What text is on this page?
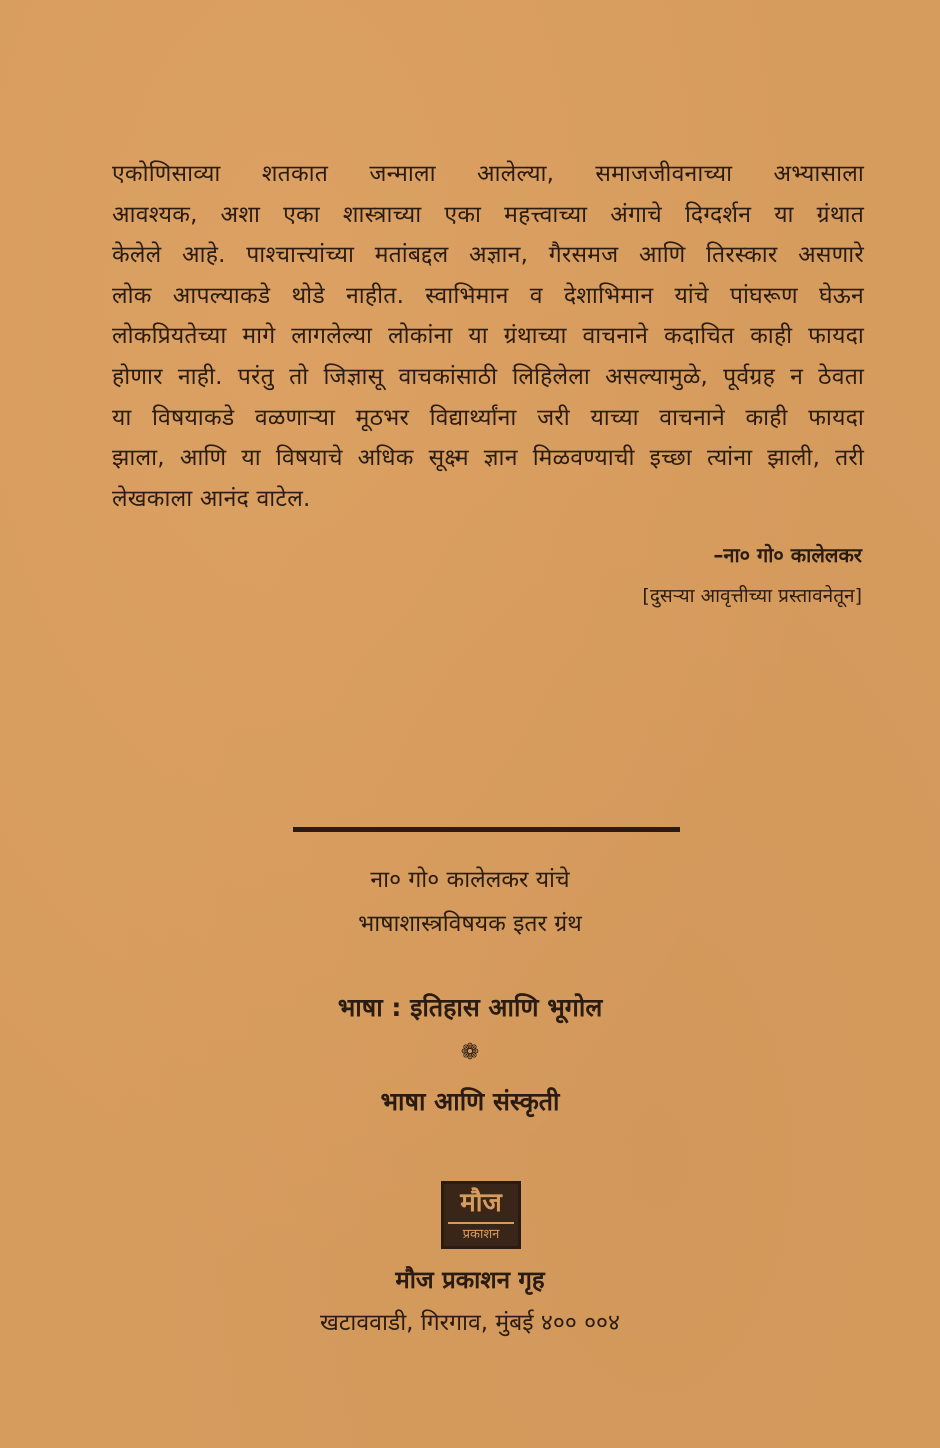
एकोणिसाव्या शतकात जन्माला आलेल्या, समाजजीवनाच्या अभ्यासाला
आवश्यक, अशा एका शास्त्राच्या एका महत्त्वाच्या अंगाचे दिग्दर्शन या ग्रंथात
केलेले आहे. पाश्चात्त्यांच्या मतांबद्दल अज्ञान, गैरसमज आणि तिरस्कार असणारे
लोक आपल्याकडे थोडे नाहीत. स्वाभिमान व देशाभिमान यांचे पांघरूण घेऊन
लोकप्रियतेच्या मागे लागलेल्या लोकांना या ग्रंथाच्या वाचनाने कदाचित काही फायदा
होणार नाही. परंतु तो जिज्ञासू वाचकांसाठी लिहिलेला असल्यामुळे, पूर्वग्रह न ठेवता
या विषयाकडे वळणाऱ्या मूठभर विद्यार्थ्यांना जरी याच्या वाचनाने काही फायदा
झाला, आणि या विषयाचे अधिक सूक्ष्म ज्ञान मिळवण्याची इच्छा त्यांना झाली, तरी
लेखकाला आनंद वाटेल.
–ना० गो० कालेलकर
[दुसऱ्या आवृत्तीच्या प्रस्तावनेतून]
ना० गो० कालेलकर यांचे
भाषाशास्त्रविषयक इतर ग्रंथ
भाषा : इतिहास आणि भूगोल
❁
भाषा आणि संस्कृती
मौज
प्रकाशन
मौज प्रकाशन गृह
खटाववाडी, गिरगाव, मुंबई ४०० ००४
